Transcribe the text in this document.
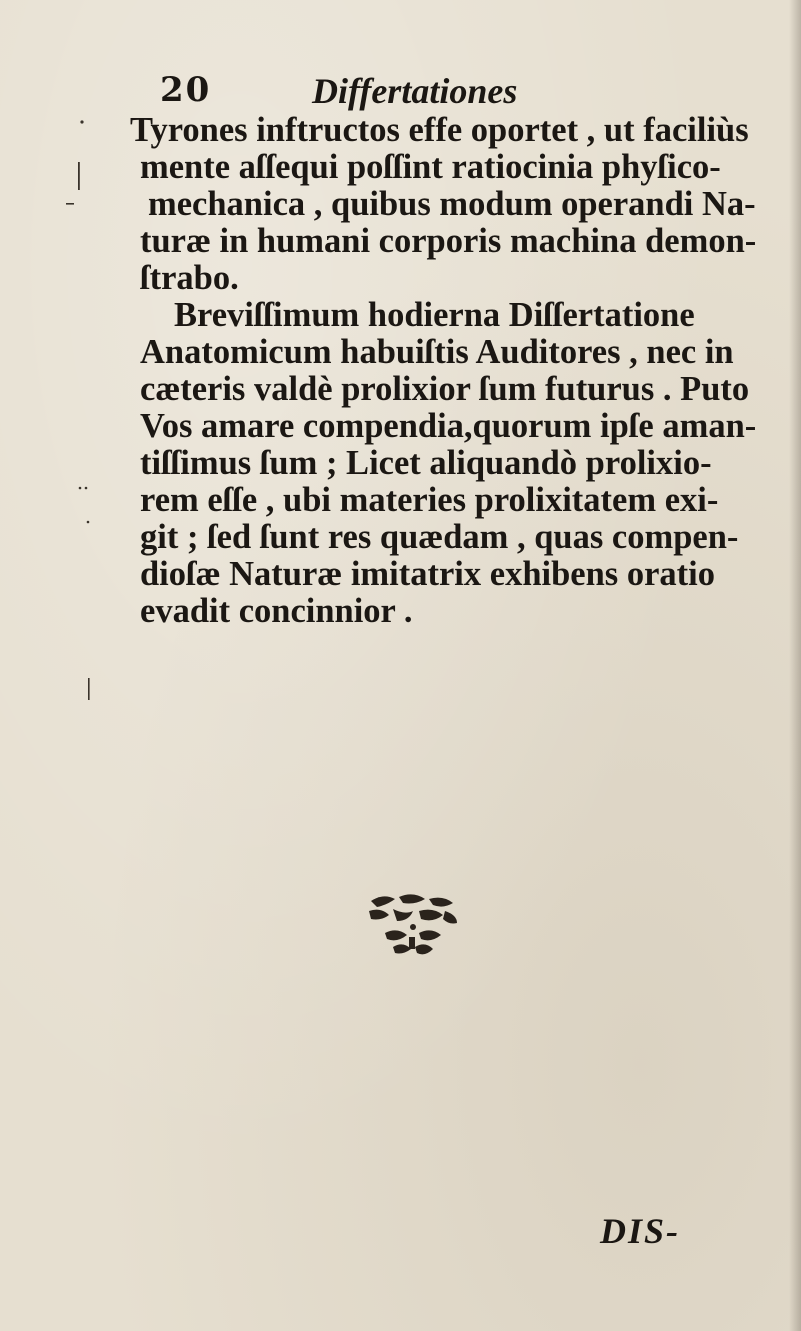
20	Differtationes
Tyrones inftructos effe oportet , ut faciliùs
mente aſſequi poſſint ratiocinia phyſico-
mechanica , quibus modum operandi Na-
turæ in humani corporis machina demon-
ſtrabo.
Breviſſimum hodierna Diſſertatione
Anatomicum habuiſtis Auditores , nec in
cæteris valdè prolixior ſum futurus . Puto
Vos amare compendia,quorum ipſe aman-
tiſſimus ſum ; Licet aliquandò prolixio-
rem eſſe , ubi materies prolixitatem exi-
git ; ſed ſunt res quædam , quas compen-
dioſæ Naturæ imitatrix exhibens oratio
evadit concinnior .
DIS-
